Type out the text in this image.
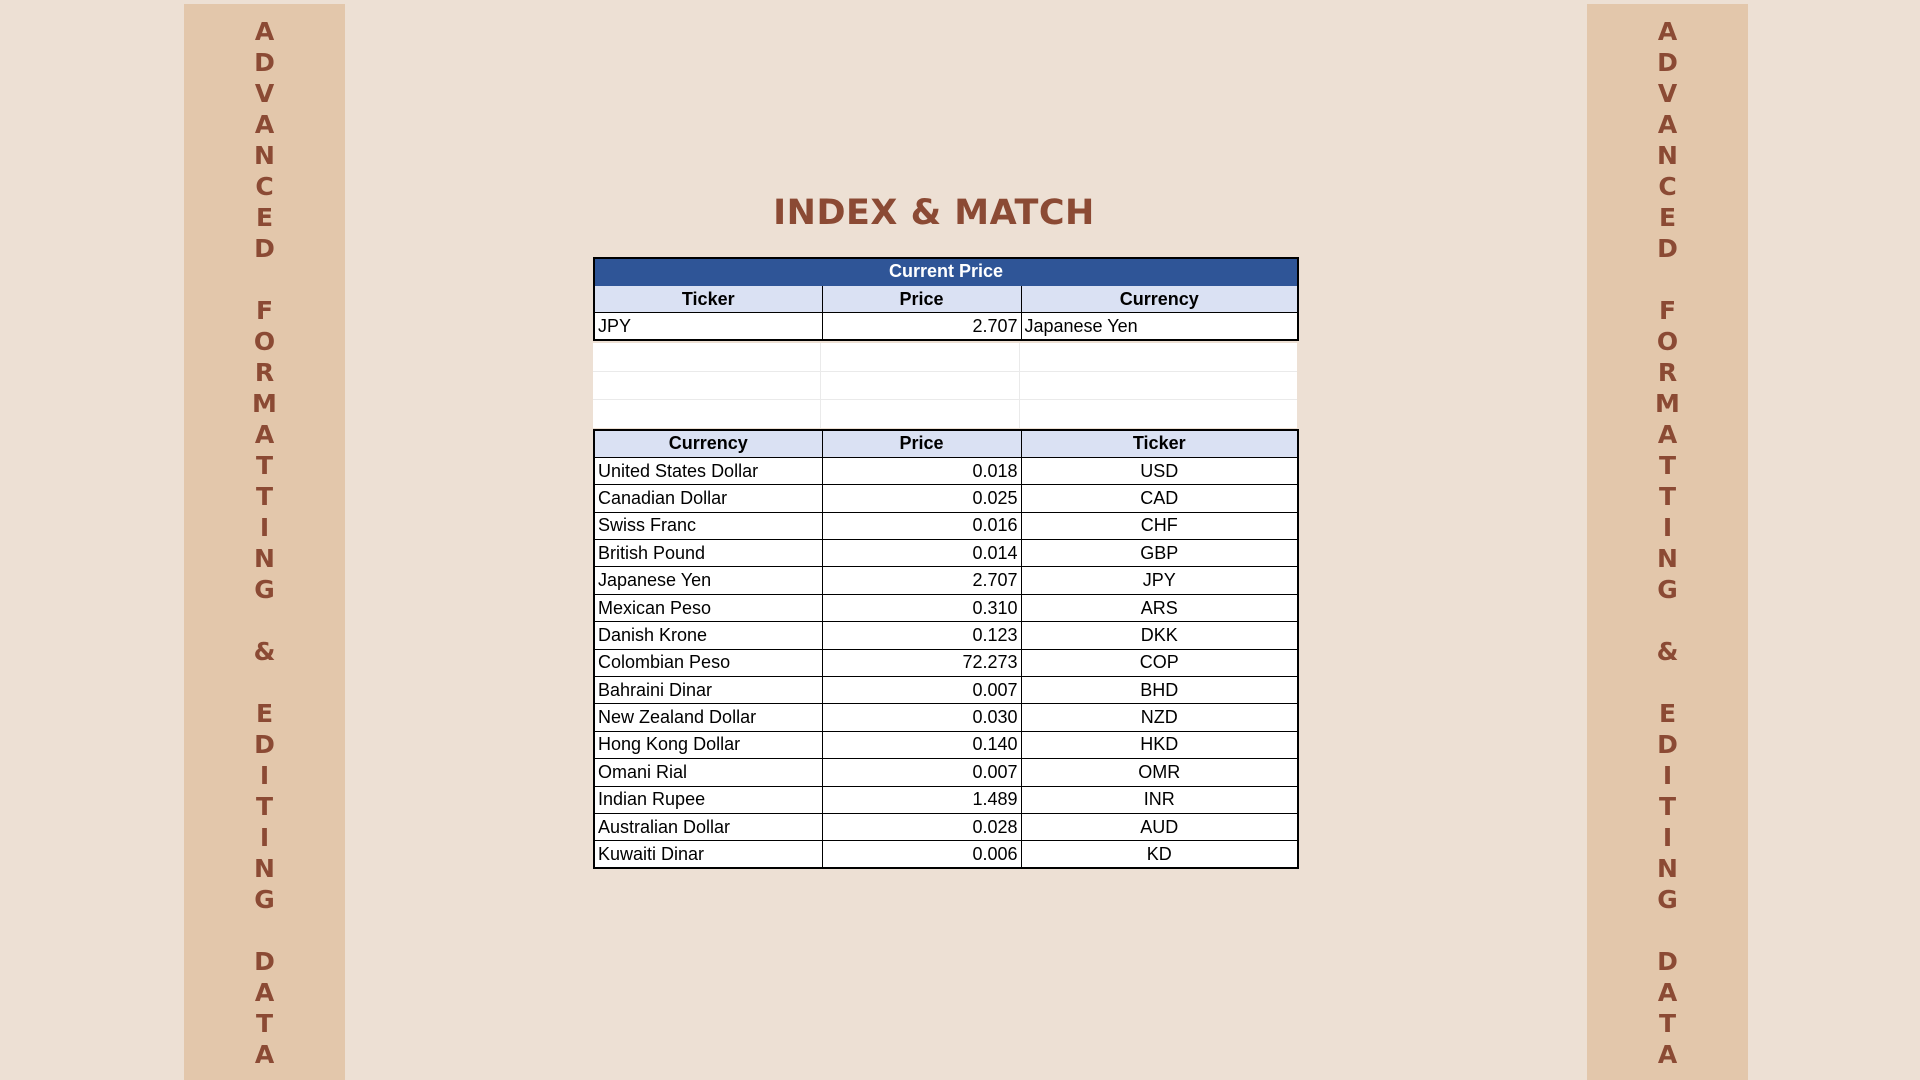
A
D
V
A
N
C
E
D
F
O
R
M
A
T
T
I
N
G
&
E
D
I
T
I
N
G
D
A
T
A
A
D
V
A
N
C
E
D
F
O
R
M
A
T
T
I
N
G
&
E
D
I
T
I
N
G
D
A
T
A
INDEX & MATCH
Current Price		
Ticker	Price	Currency
JPY	2.707	Japanese Yen
Currency	Price	Ticker
United States Dollar	0.018	USD
Canadian Dollar	0.025	CAD
Swiss Franc	0.016	CHF
British Pound	0.014	GBP
Japanese Yen	2.707	JPY
Mexican Peso	0.310	ARS
Danish Krone	0.123	DKK
Colombian Peso	72.273	COP
Bahraini Dinar	0.007	BHD
New Zealand Dollar	0.030	NZD
Hong Kong Dollar	0.140	HKD
Omani Rial	0.007	OMR
Indian Rupee	1.489	INR
Australian Dollar	0.028	AUD
Kuwaiti Dinar	0.006	KD
